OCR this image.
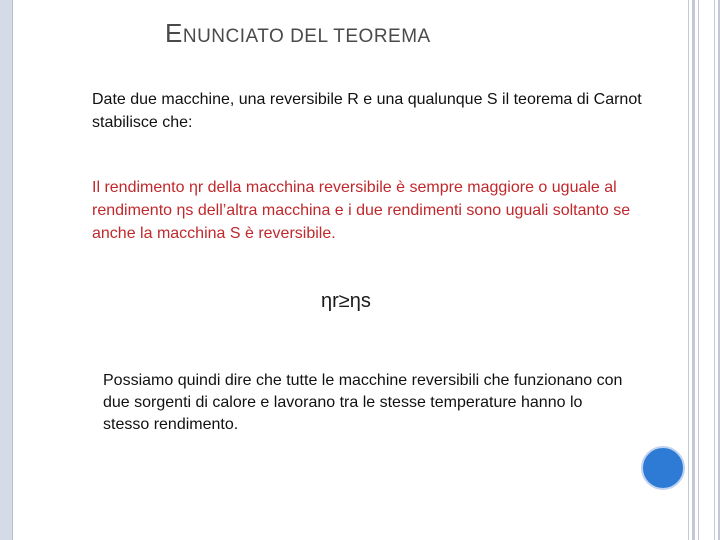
ENUNCIATO DEL TEOREMA
Date due macchine, una reversibile R e una qualunque S il teorema di Carnot stabilisce che:
Il rendimento ηr della macchina reversibile è sempre maggiore o uguale al rendimento ηs dell’altra macchina e i due rendimenti sono uguali soltanto se anche la macchina S è reversibile.
ηr≥ηs
Possiamo quindi dire che tutte le macchine reversibili che funzionano con due sorgenti di calore e lavorano tra le stesse temperature hanno lo stesso rendimento.
